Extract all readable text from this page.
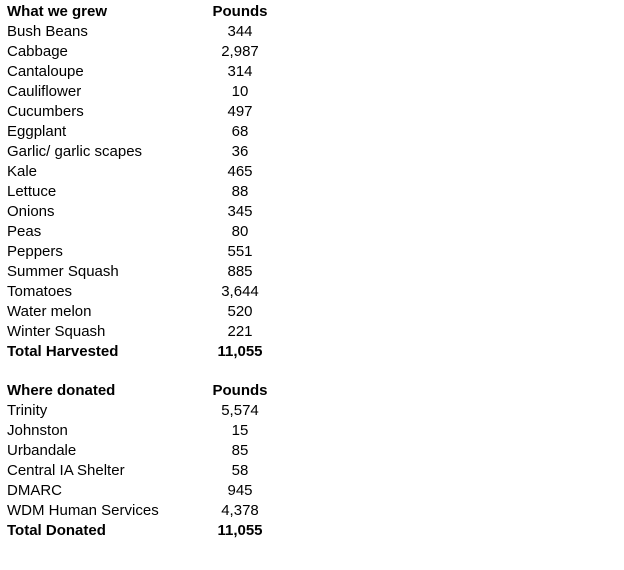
What we grew	Pounds
Bush Beans	344
Cabbage	2,987
Cantaloupe	314
Cauliflower	10
Cucumbers	497
Eggplant	68
Garlic/ garlic scapes	36
Kale	465
Lettuce	88
Onions	345
Peas	80
Peppers	551
Summer Squash	885
Tomatoes	3,644
Water melon	520
Winter Squash	221
Total Harvested	11,055
Where donated	Pounds
Trinity	5,574
Johnston	15
Urbandale	85
Central IA Shelter	58
DMARC	945
WDM Human Services	4,378
Total Donated	11,055
